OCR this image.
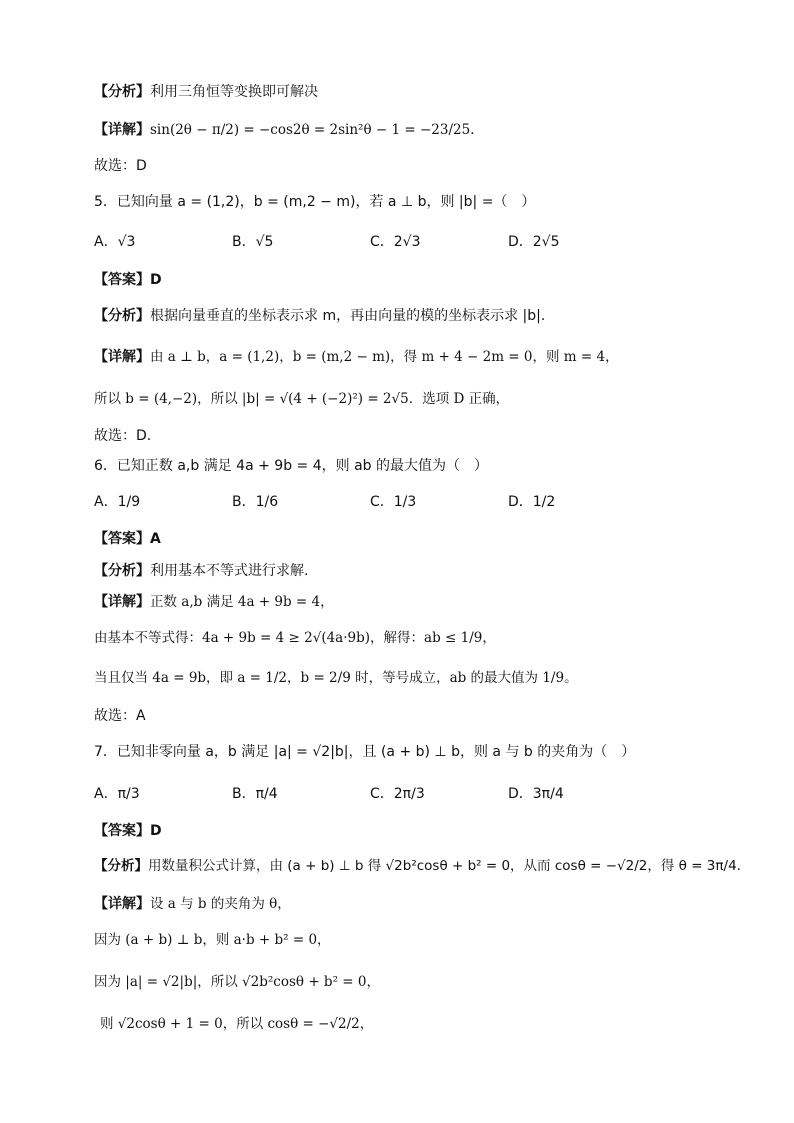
【分析】利用三角恒等变换即可解决
【详解】sin(2θ − π/2) = −cos2θ = 2sin²θ − 1 = −23/25.
故选：D
5．已知向量 a = (1,2)，b = (m,2 − m)，若 a ⊥ b，则 |b| =（　）
A．√3	B．√5	C．2√3	D．2√5
【答案】D
【分析】根据向量垂直的坐标表示求 m，再由向量的模的坐标表示求 |b|.
【详解】由 a ⊥ b，a = (1,2)，b = (m,2 − m)，得 m + 4 − 2m = 0，则 m = 4，
所以 b = (4,−2)，所以 |b| = √(4 + (−2)²) = 2√5．选项 D 正确，
故选：D.
6．已知正数 a,b 满足 4a + 9b = 4，则 ab 的最大值为（　）
A．1/9	B．1/6	C．1/3	D．1/2
【答案】A
【分析】利用基本不等式进行求解.
【详解】正数 a,b 满足 4a + 9b = 4，
由基本不等式得：4a + 9b = 4 ≥ 2√(4a·9b)，解得：ab ≤ 1/9，
当且仅当 4a = 9b，即 a = 1/2，b = 2/9 时，等号成立，ab 的最大值为 1/9。
故选：A
7．已知非零向量 a，b 满足 |a| = √2|b|，且 (a + b) ⊥ b，则 a 与 b 的夹角为（　）
A．π/3	B．π/4	C．2π/3	D．3π/4
【答案】D
【分析】用数量积公式计算，由 (a + b) ⊥ b 得 √2b²cosθ + b² = 0，从而 cosθ = −√2/2，得 θ = 3π/4.
【详解】设 a 与 b 的夹角为 θ，
因为 (a + b) ⊥ b，则 a·b + b² = 0，
因为 |a| = √2|b|，所以 √2b²cosθ + b² = 0，
则 √2cosθ + 1 = 0，所以 cosθ = −√2/2，
